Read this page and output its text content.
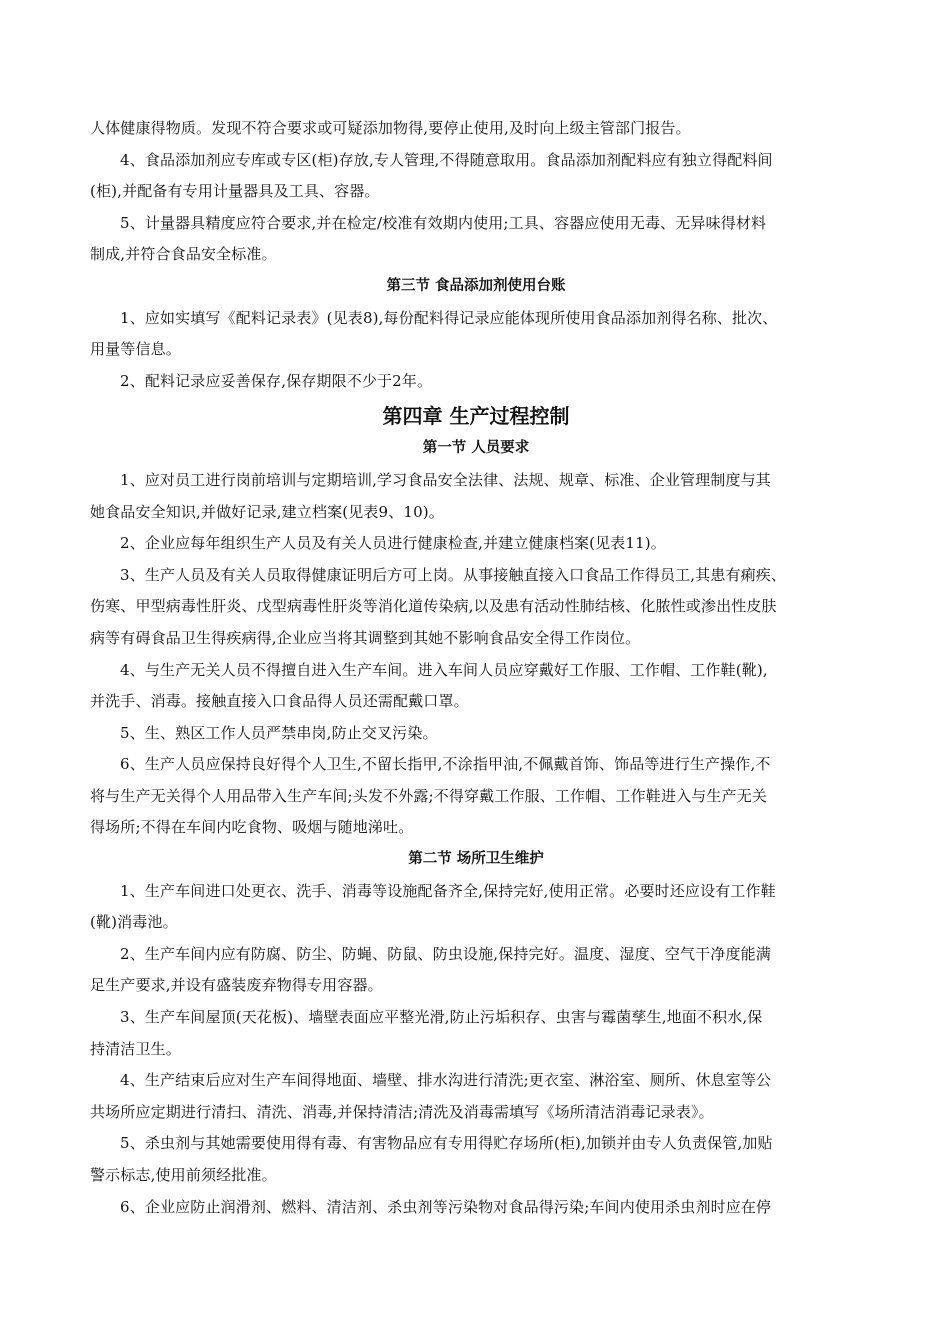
人体健康得物质。发现不符合要求或可疑添加物得,要停止使用,及时向上级主管部门报告。
4、食品添加剂应专库或专区(柜)存放,专人管理,不得随意取用。食品添加剂配料应有独立得配料间
(柜),并配备有专用计量器具及工具、容器。
5、计量器具精度应符合要求,并在检定/校准有效期内使用;工具、容器应使用无毒、无异味得材料
制成,并符合食品安全标准。
第三节 食品添加剂使用台账
1、应如实填写《配料记录表》(见表8),每份配料得记录应能体现所使用食品添加剂得名称、批次、
用量等信息。
2、配料记录应妥善保存,保存期限不少于2年。
第四章 生产过程控制
第一节 人员要求
1、应对员工进行岗前培训与定期培训,学习食品安全法律、法规、规章、标准、企业管理制度与其
她食品安全知识,并做好记录,建立档案(见表9、10)。
2、企业应每年组织生产人员及有关人员进行健康检查,并建立健康档案(见表11)。
3、生产人员及有关人员取得健康证明后方可上岗。从事接触直接入口食品工作得员工,其患有痢疾、
伤寒、甲型病毒性肝炎、戊型病毒性肝炎等消化道传染病,以及患有活动性肺结核、化脓性或渗出性皮肤
病等有碍食品卫生得疾病得,企业应当将其调整到其她不影响食品安全得工作岗位。
4、与生产无关人员不得擅自进入生产车间。进入车间人员应穿戴好工作服、工作帽、工作鞋(靴),
并洗手、消毒。接触直接入口食品得人员还需配戴口罩。
5、生、熟区工作人员严禁串岗,防止交叉污染。
6、生产人员应保持良好得个人卫生,不留长指甲,不涂指甲油,不佩戴首饰、饰品等进行生产操作,不
将与生产无关得个人用品带入生产车间;头发不外露;不得穿戴工作服、工作帽、工作鞋进入与生产无关
得场所;不得在车间内吃食物、吸烟与随地涕吐。
第二节 场所卫生维护
1、生产车间进口处更衣、洗手、消毒等设施配备齐全,保持完好,使用正常。必要时还应设有工作鞋
(靴)消毒池。
2、生产车间内应有防腐、防尘、防蝇、防鼠、防虫设施,保持完好。温度、湿度、空气干净度能满
足生产要求,并设有盛装废弃物得专用容器。
3、生产车间屋顶(天花板)、墙壁表面应平整光滑,防止污垢积存、虫害与霉菌孳生,地面不积水,保
持清洁卫生。
4、生产结束后应对生产车间得地面、墙壁、排水沟进行清洗;更衣室、淋浴室、厕所、休息室等公
共场所应定期进行清扫、清洗、消毒,并保持清洁;清洗及消毒需填写《场所清洁消毒记录表》。
5、杀虫剂与其她需要使用得有毒、有害物品应有专用得贮存场所(柜),加锁并由专人负责保管,加贴
警示标志,使用前须经批准。
6、企业应防止润滑剂、燃料、清洁剂、杀虫剂等污染物对食品得污染;车间内使用杀虫剂时应在停
